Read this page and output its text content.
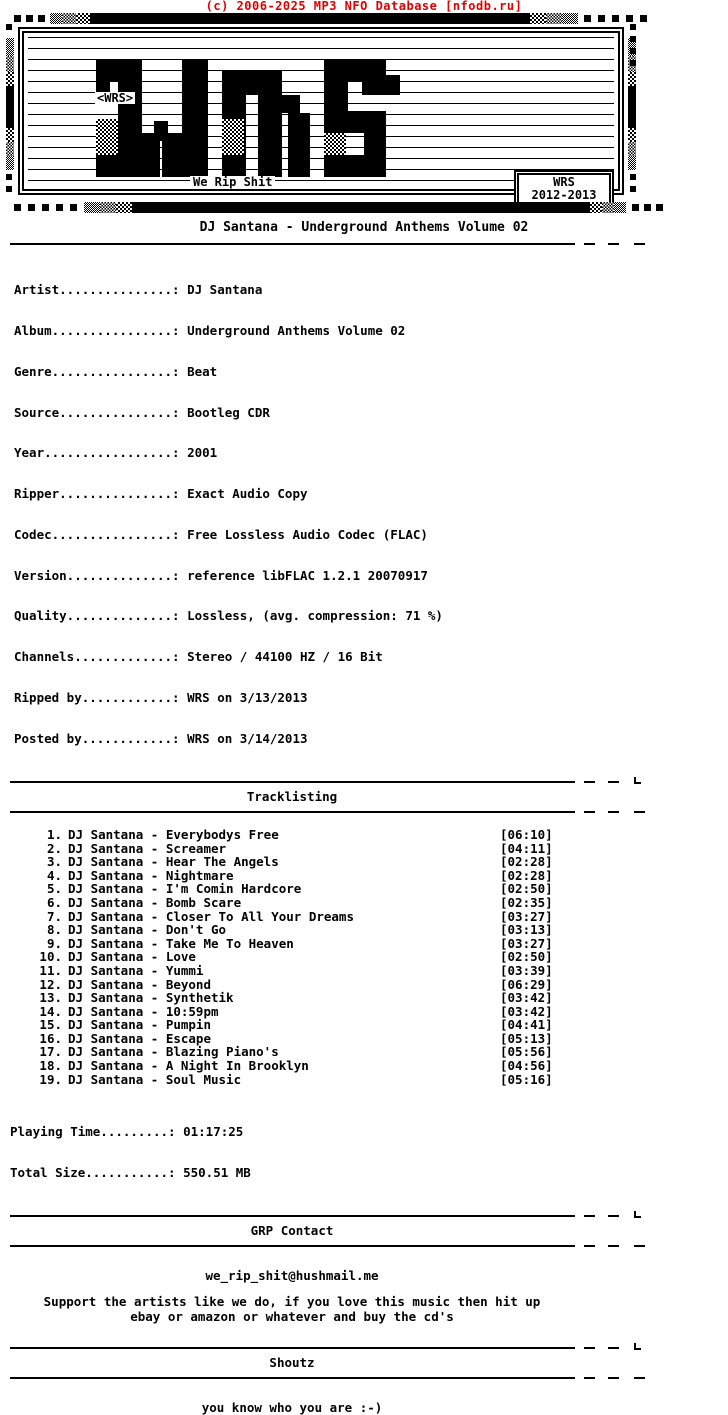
(c) 2006-2025 MP3 NFO Database [nfodb.ru]
<WRS>
We Rip Shit	WRS
2012-2013
DJ Santana - Underground Anthems Volume 02

Artist...............: DJ Santana

Album................: Underground Anthems Volume 02

Genre................: Beat

Source...............: Bootleg CDR

Year.................: 2001

Ripper...............: Exact Audio Copy

Codec................: Free Lossless Audio Codec (FLAC)

Version..............: reference libFLAC 1.2.1 20070917

Quality..............: Lossless, (avg. compression: 71 %)

Channels.............: Stereo / 44100 HZ / 16 Bit

Ripped by............: WRS on 3/13/2013

Posted by............: WRS on 3/14/2013

Tracklisting
1. DJ Santana - Everybodys Free	[06:10]
2. DJ Santana - Screamer	[04:11]
3. DJ Santana - Hear The Angels	[02:28]
4. DJ Santana - Nightmare	[02:28]
5. DJ Santana - I'm Comin Hardcore	[02:50]
6. DJ Santana - Bomb Scare	[02:35]
7. DJ Santana - Closer To All Your Dreams	[03:27]
8. DJ Santana - Don't Go	[03:13]
9. DJ Santana - Take Me To Heaven	[03:27]
10. DJ Santana - Love	[02:50]
11. DJ Santana - Yummi	[03:39]
12. DJ Santana - Beyond	[06:29]
13. DJ Santana - Synthetik	[03:42]
14. DJ Santana - 10:59pm	[03:42]
15. DJ Santana - Pumpin	[04:41]
16. DJ Santana - Escape	[05:13]
17. DJ Santana - Blazing Piano's	[05:56]
18. DJ Santana - A Night In Brooklyn	[04:56]
19. DJ Santana - Soul Music	[05:16]

Playing Time.........: 01:17:25

Total Size...........: 550.51 MB

GRP Contact
we_rip_shit@hushmail.me
Support the artists like we do, if you love this music then hit up
ebay or amazon or whatever and buy the cd's
Shoutz
you know who you are :-)
